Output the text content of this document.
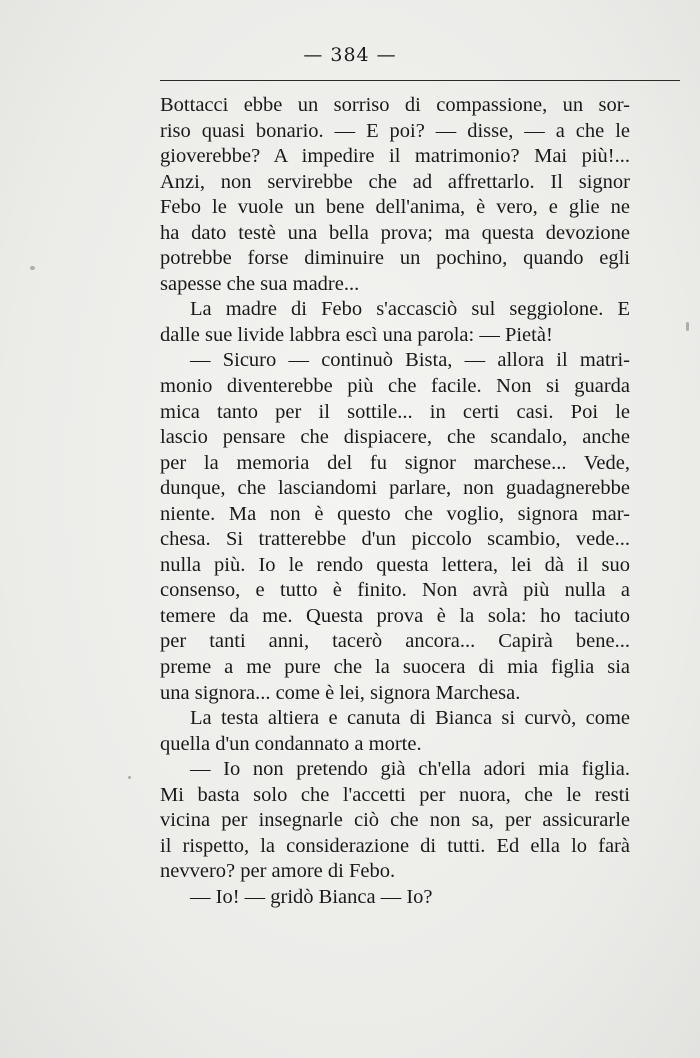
— 384 —
Bottacci ebbe un sorriso di compassione, un sor-
riso quasi bonario. — E poi? — disse, — a che le
gioverebbe? A impedire il matrimonio? Mai più!...
Anzi, non servirebbe che ad affrettarlo. Il signor
Febo le vuole un bene dell'anima, è vero, e glie ne
ha dato testè una bella prova; ma questa devozione
potrebbe forse diminuire un pochino, quando egli
sapesse che sua madre...
La madre di Febo s'accasciò sul seggiolone. E
dalle sue livide labbra escì una parola: — Pietà!
— Sicuro — continuò Bista, — allora il matri-
monio diventerebbe più che facile. Non si guarda
mica tanto per il sottile... in certi casi. Poi le
lascio pensare che dispiacere, che scandalo, anche
per la memoria del fu signor marchese... Vede,
dunque, che lasciandomi parlare, non guadagnerebbe
niente. Ma non è questo che voglio, signora mar-
chesa. Si tratterebbe d'un piccolo scambio, vede...
nulla più. Io le rendo questa lettera, lei dà il suo
consenso, e tutto è finito. Non avrà più nulla a
temere da me. Questa prova è la sola: ho taciuto
per tanti anni, tacerò ancora... Capirà bene...
preme a me pure che la suocera di mia figlia sia
una signora... come è lei, signora Marchesa.
La testa altiera e canuta di Bianca si curvò, come
quella d'un condannato a morte.
— Io non pretendo già ch'ella adori mia figlia.
Mi basta solo che l'accetti per nuora, che le resti
vicina per insegnarle ciò che non sa, per assicurarle
il rispetto, la considerazione di tutti. Ed ella lo farà
nevvero? per amore di Febo.
— Io! — gridò Bianca — Io?
